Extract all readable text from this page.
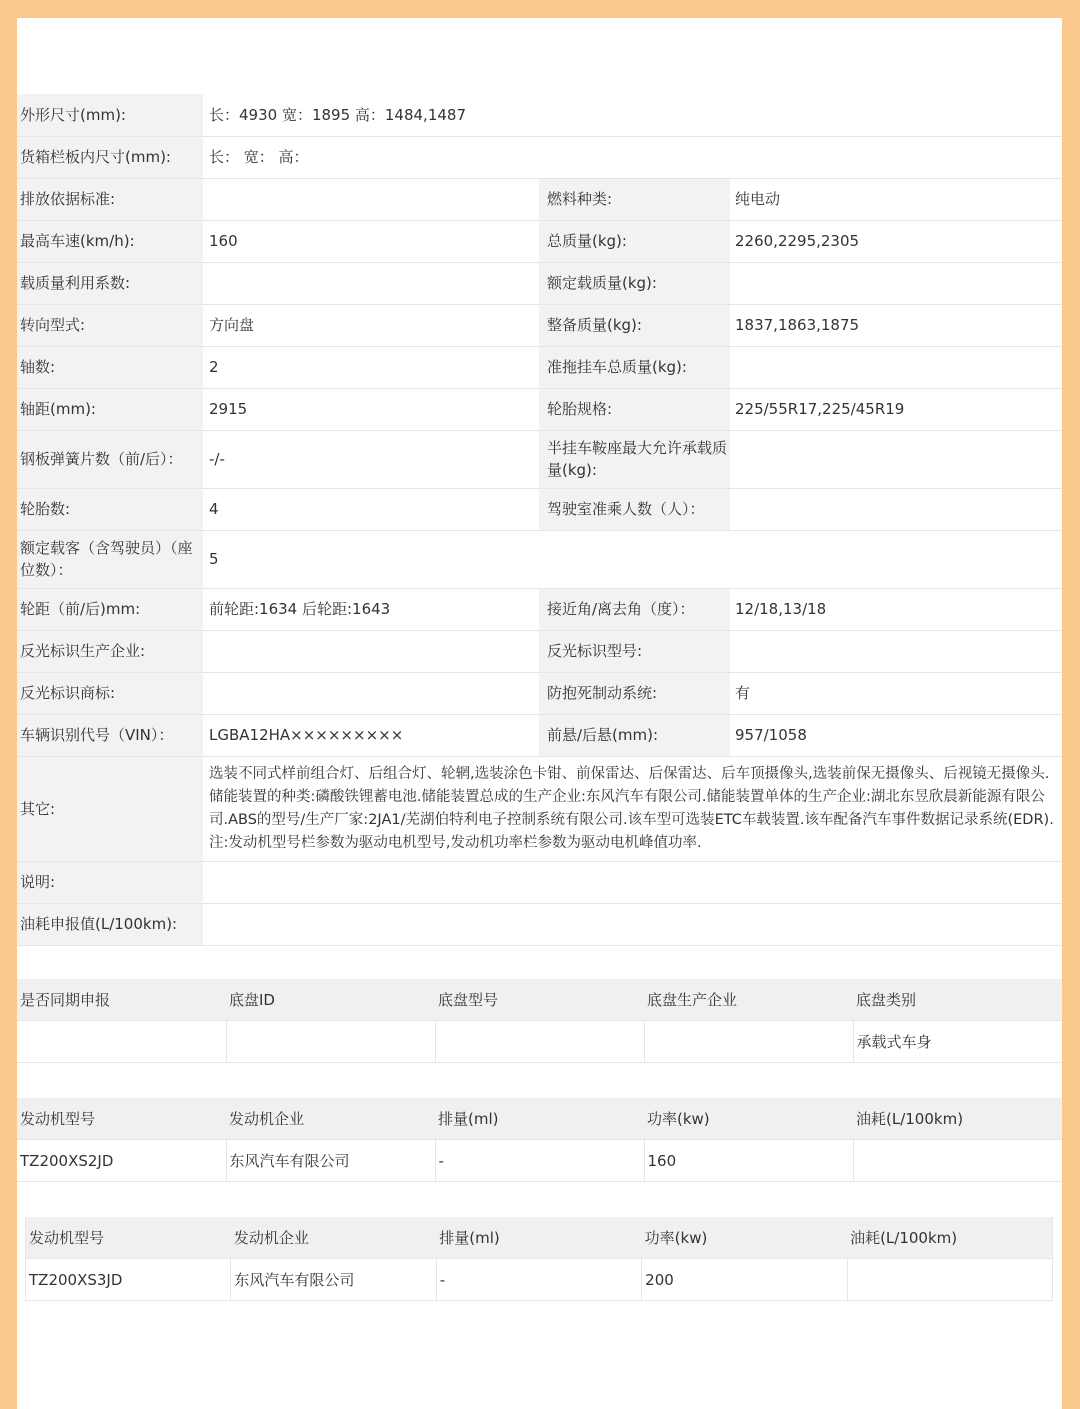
外形尺寸(mm):	长：4930 宽：1895 高：1484,1487		
货箱栏板内尺寸(mm):	长： 宽： 高：		
排放依据标准:		燃料种类:	纯电动
最高车速(km/h):	160	总质量(kg):	2260,2295,2305
载质量利用系数:		额定载质量(kg):	
转向型式:	方向盘	整备质量(kg):	1837,1863,1875
轴数:	2	准拖挂车总质量(kg):	
轴距(mm):	2915	轮胎规格:	225/55R17,225/45R19
钢板弹簧片数（前/后）：	-/-	半挂车鞍座最大允许承载质量(kg):	
轮胎数:	4	驾驶室准乘人数（人）：	
额定载客（含驾驶员）（座位数）：	5		
轮距（前/后)mm:	前轮距:1634 后轮距:1643	接近角/离去角（度）：	12/18,13/18
反光标识生产企业:		反光标识型号:	
反光标识商标:		防抱死制动系统:	有
车辆识别代号（VIN）：	LGBA12HA×××××××××	前悬/后悬(mm):	957/1058
其它:	选装不同式样前组合灯、后组合灯、轮辋,选装涂色卡钳、前保雷达、后保雷达、后车顶摄像头,选装前保无摄像头、后视镜无摄像头.储能装置的种类:磷酸铁锂蓄电池.储能装置总成的生产企业:东风汽车有限公司.储能装置单体的生产企业:湖北东昱欣晨新能源有限公司.ABS的型号/生产厂家:2JA1/芜湖伯特利电子控制系统有限公司.该车型可选装ETC车载装置.该车配备汽车事件数据记录系统(EDR).注:发动机型号栏参数为驱动电机型号,发动机功率栏参数为驱动电机峰值功率.		
说明:			
油耗申报值(L/100km):			
是否同期申报	底盘ID	底盘型号	底盘生产企业	底盘类别
				承载式车身
发动机型号	发动机企业	排量(ml)	功率(kw)	油耗(L/100km)
TZ200XS2JD	东风汽车有限公司	-	160	
发动机型号	发动机企业	排量(ml)	功率(kw)	油耗(L/100km)
TZ200XS3JD	东风汽车有限公司	-	200	
